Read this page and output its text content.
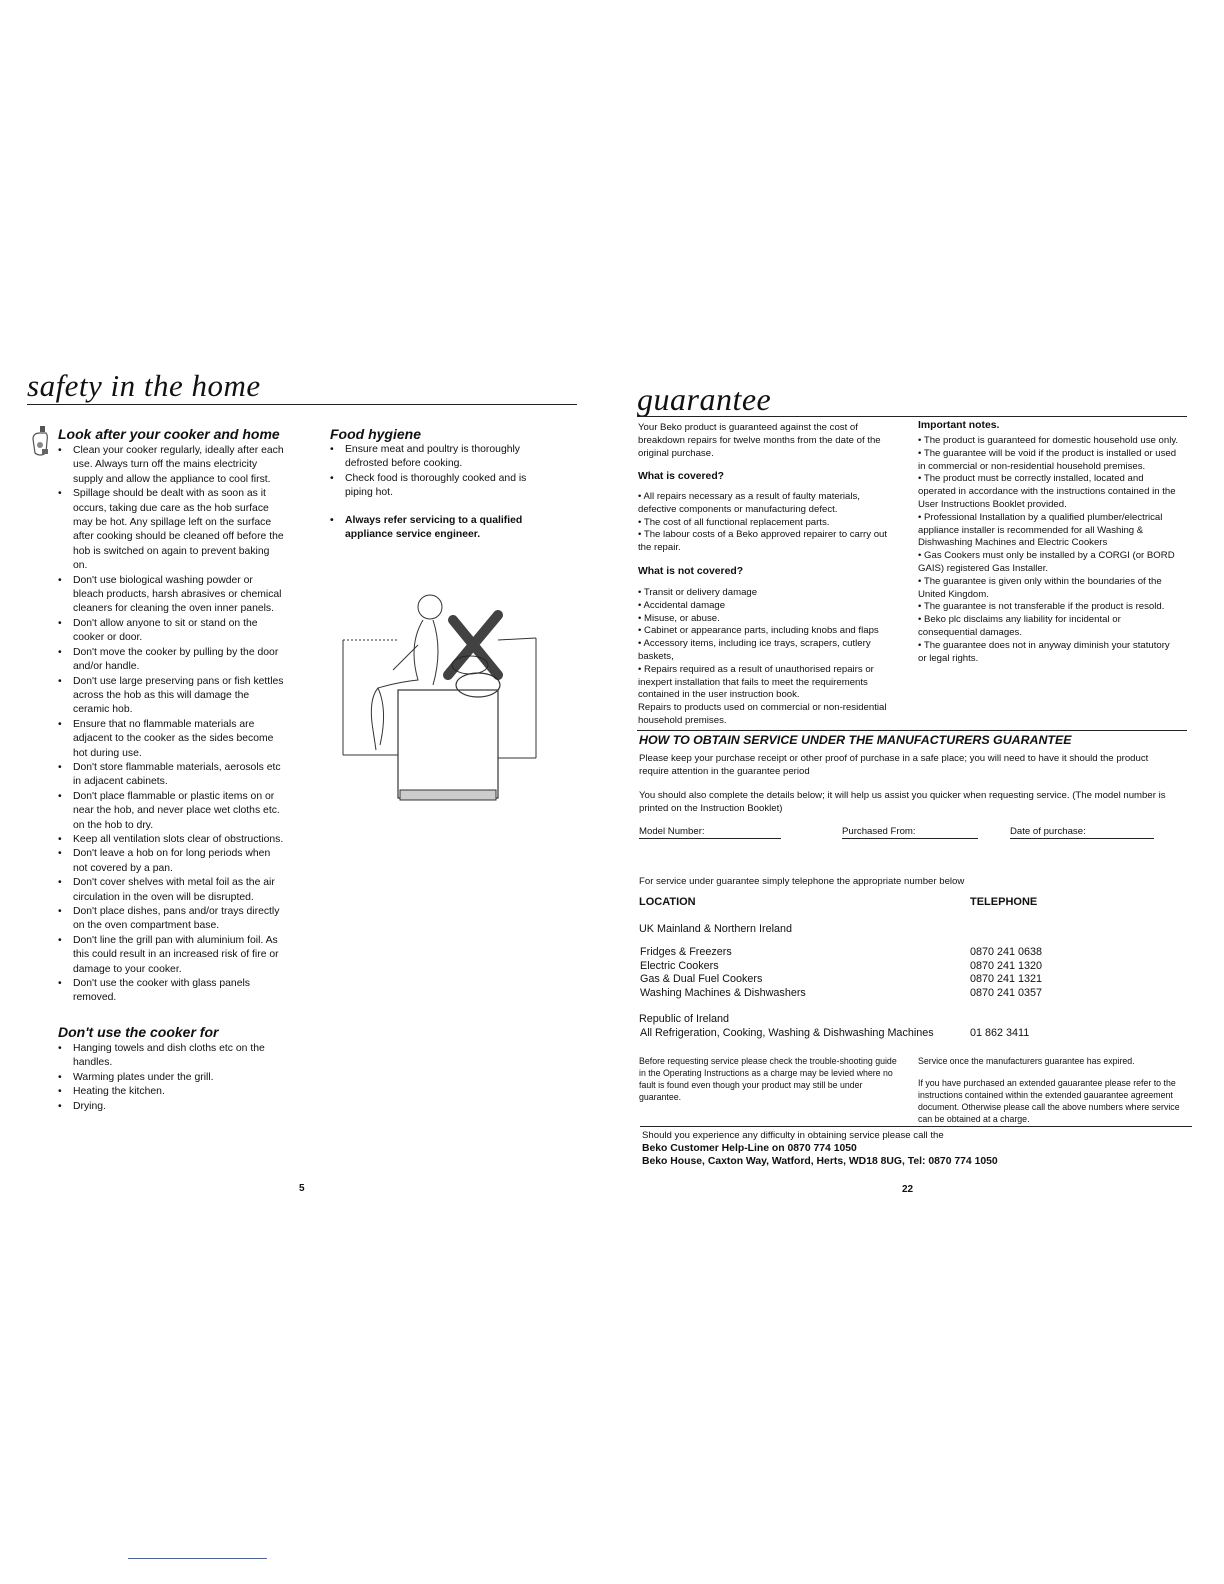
safety in the home
Look after your cooker and home
• Clean your cooker regularly, ideally after each use. Always turn off the mains electricity supply and allow the appliance to cool first.
• Spillage should be dealt with as soon as it occurs, taking due care as the hob surface may be hot. Any spillage left on the surface after cooking should be cleaned off before the hob is switched on again to prevent baking on.
• Don't use biological washing powder or bleach products, harsh abrasives or chemical cleaners for cleaning the oven inner panels.
• Don't allow anyone to sit or stand on the cooker or door.
• Don't move the cooker by pulling by the door and/or handle.
• Don't use large preserving pans or fish kettles across the hob as this will damage the ceramic hob.
• Ensure that no flammable materials are adjacent to the cooker as the sides become hot during use.
• Don't store flammable materials, aerosols etc in adjacent cabinets.
• Don't place flammable or plastic items on or near the hob, and never place wet cloths etc. on the hob to dry.
• Keep all ventilation slots clear of obstructions.
• Don't leave a hob on for long periods when not covered by a pan.
• Don't cover shelves with metal foil as the air circulation in the oven will be disrupted.
• Don't place dishes, pans and/or trays directly on the oven compartment base.
• Don't line the grill pan with aluminium foil. As this could result in an increased risk of fire or damage to your cooker.
• Don't use the cooker with glass panels removed.
Don't use the cooker for
• Hanging towels and dish cloths etc on the handles.
• Warming plates under the grill.
• Heating the kitchen.
• Drying.
Food hygiene
• Ensure meat and poultry is thoroughly defrosted before cooking.
• Check food is thoroughly cooked and is piping hot.
• Always refer servicing to a qualified appliance service engineer.
5
guarantee
Your Beko product is guaranteed against the cost of breakdown repairs for twelve months from the date of the original purchase.
What is covered?
• All repairs necessary as a result of faulty materials, defective components or manufacturing defect.
• The cost of all functional replacement parts.
• The labour costs of a Beko approved repairer to carry out the repair.
What is not covered?
• Transit or delivery damage
• Accidental damage
• Misuse, or abuse.
• Cabinet or appearance parts, including knobs and flaps
• Accessory items, including ice trays, scrapers, cutlery baskets,
• Repairs required as a result of unauthorised repairs or inexpert installation that fails to meet the requirements contained in the user instruction book.
Repairs to products used on commercial or non-residential household premises.
Important notes.
• The product is guaranteed for domestic household use only.
• The guarantee will be void if the product is installed or used in commercial or non-residential household premises.
• The product must be correctly installed, located and operated in accordance with the instructions contained in the User Instructions Booklet provided.
• Professional Installation by a qualified plumber/electrical appliance installer is recommended for all Washing & Dishwashing Machines and Electric Cookers
• Gas Cookers must only be installed by a CORGI (or BORD GAIS) registered Gas Installer.
• The guarantee is given only within the boundaries of the United Kingdom.
• The guarantee is not transferable if the product is resold.
• Beko plc disclaims any liability for incidental or consequential damages.
• The guarantee does not in anyway diminish your statutory or legal rights.
HOW TO OBTAIN SERVICE UNDER THE MANUFACTURERS GUARANTEE
Please keep your purchase receipt or other proof of purchase in a safe place; you will need to have it should the product require attention in the guarantee period
You should also complete the details below; it will help us assist you quicker when requesting service. (The model number is printed on the Instruction Booklet)
Model Number:	Purchased From:	Date of purchase:
For service under guarantee simply telephone the appropriate number below
LOCATION	TELEPHONE
UK Mainland & Northern Ireland
Fridges & Freezers	0870 241 0638
Electric Cookers	0870 241 1320
Gas & Dual Fuel Cookers	0870 241 1321
Washing Machines & Dishwashers	0870 241 0357
Republic of Ireland
All Refrigeration, Cooking, Washing & Dishwashing Machines	01 862 3411
Before requesting service please check the trouble-shooting guide in the Operating Instructions as a charge may be levied where no fault is found even though your product may still be under guarantee.
Service once the manufacturers guarantee has expired.
If you have purchased an extended gauarantee please refer to the instructions contained within the extended gauarantee agreement document. Otherwise please call the above numbers where service can be obtained at a charge.
Should you experience any difficulty in obtaining service please call the
Beko Customer Help-Line on 0870 774 1050
Beko House, Caxton Way, Watford, Herts, WD18 8UG, Tel: 0870 774 1050
22
